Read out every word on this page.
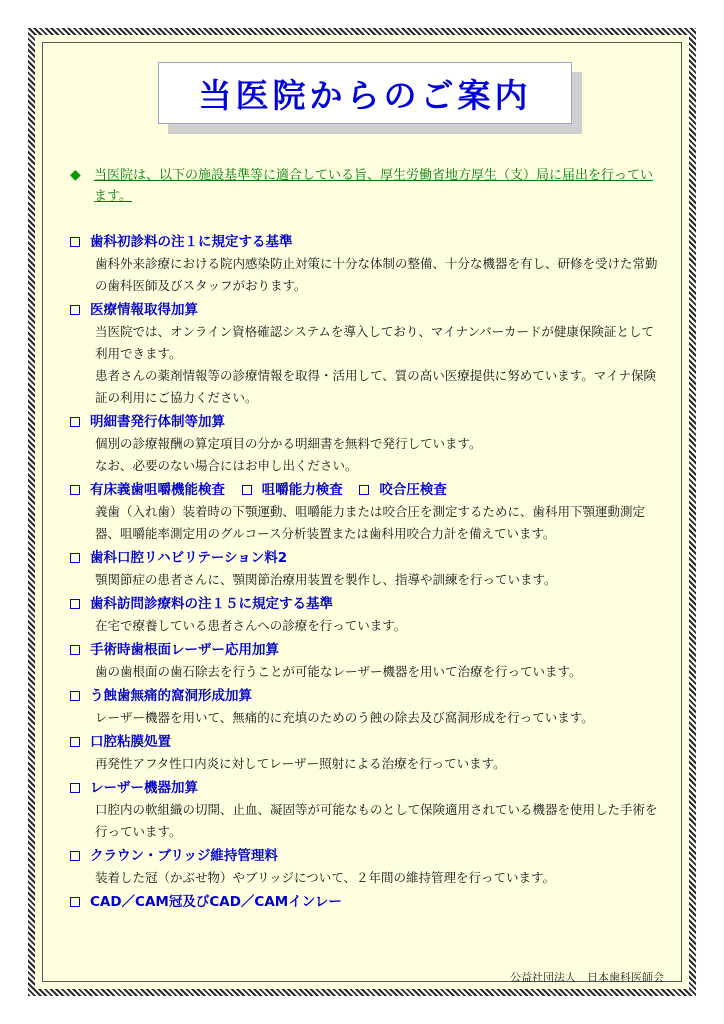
当医院からのご案内
◆ 当医院は、以下の施設基準等に適合している旨、厚生労働省地方厚生（支）局に届出を行っています。
歯科初診料の注１に規定する基準
歯科外来診療における院内感染防止対策に十分な体制の整備、十分な機器を有し、研修を受けた常勤の歯科医師及びスタッフがおります。
医療情報取得加算
当医院では、オンライン資格確認システムを導入しており、マイナンバーカードが健康保険証として利用できます。
患者さんの薬剤情報等の診療情報を取得・活用して、質の高い医療提供に努めています。マイナ保険証の利用にご協力ください。
明細書発行体制等加算
個別の診療報酬の算定項目の分かる明細書を無料で発行しています。
なお、必要のない場合にはお申し出ください。
有床義歯咀嚼機能検査	咀嚼能力検査	咬合圧検査
義歯（入れ歯）装着時の下顎運動、咀嚼能力または咬合圧を測定するために、歯科用下顎運動測定器、咀嚼能率測定用のグルコース分析装置または歯科用咬合力計を備えています。
歯科口腔リハビリテーション料2
顎関節症の患者さんに、顎関節治療用装置を製作し、指導や訓練を行っています。
歯科訪問診療料の注１５に規定する基準
在宅で療養している患者さんへの診療を行っています。
手術時歯根面レーザー応用加算
歯の歯根面の歯石除去を行うことが可能なレーザー機器を用いて治療を行っています。
う蝕歯無痛的窩洞形成加算
レーザー機器を用いて、無痛的に充填のためのう蝕の除去及び窩洞形成を行っています。
口腔粘膜処置
再発性アフタ性口内炎に対してレーザー照射による治療を行っています。
レーザー機器加算
口腔内の軟組織の切開、止血、凝固等が可能なものとして保険適用されている機器を使用した手術を行っています。
クラウン・ブリッジ維持管理料
装着した冠（かぶせ物）やブリッジについて、２年間の維持管理を行っています。
CAD／CAM冠及びCAD／CAMインレー
公益社団法人　日本歯科医師会
